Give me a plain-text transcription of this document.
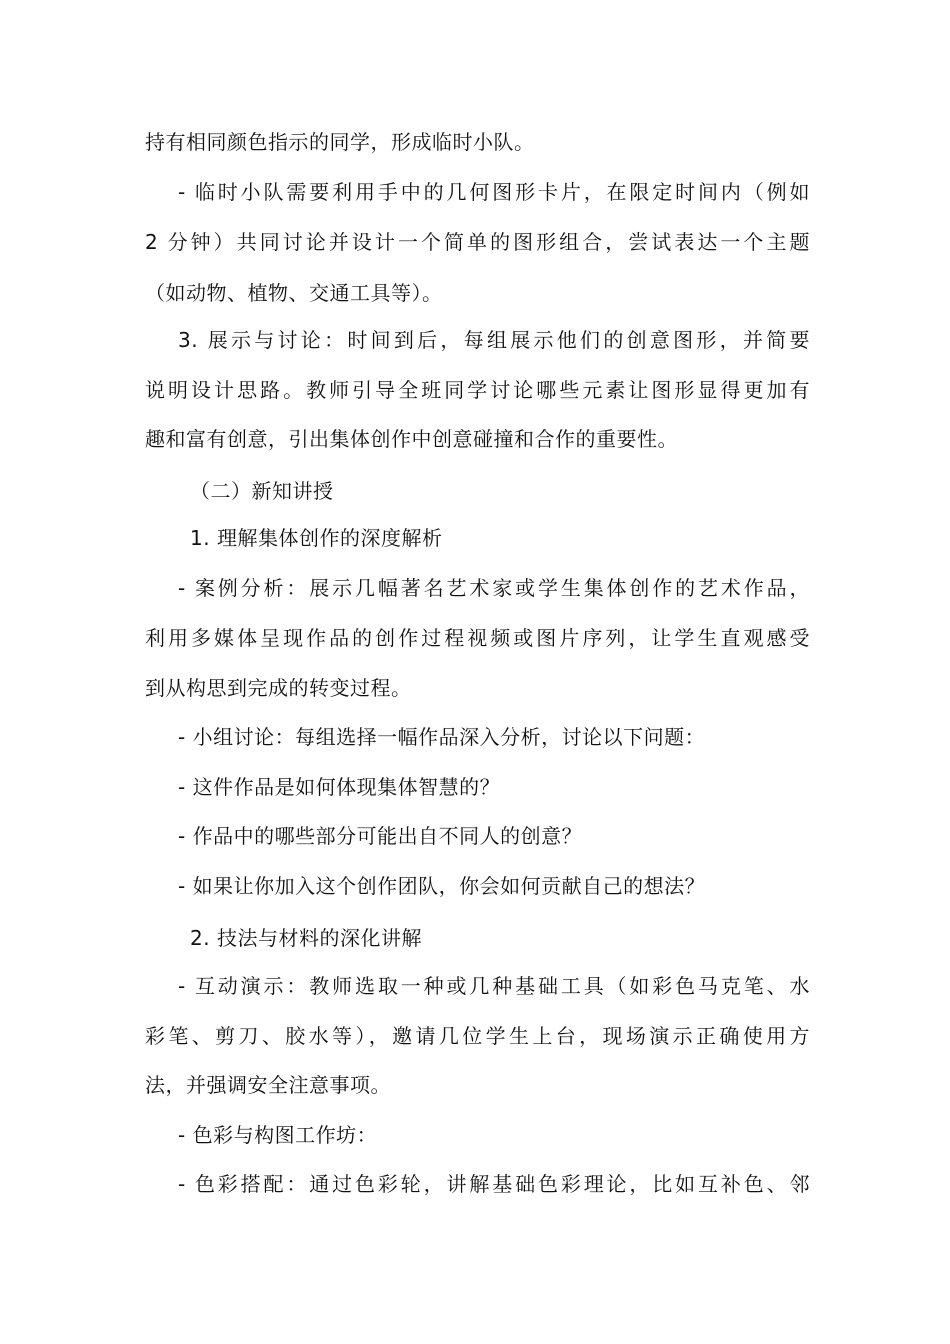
持有相同颜色指示的同学，形成临时小队。
- 临时小队需要利用手中的几何图形卡片，在限定时间内（例如
2 分钟）共同讨论并设计一个简单的图形组合，尝试表达一个主题
（如动物、植物、交通工具等）。
3. 展示与讨论：时间到后，每组展示他们的创意图形，并简要
说明设计思路。教师引导全班同学讨论哪些元素让图形显得更加有
趣和富有创意，引出集体创作中创意碰撞和合作的重要性。
（二）新知讲授
1. 理解集体创作的深度解析
- 案例分析：展示几幅著名艺术家或学生集体创作的艺术作品，
利用多媒体呈现作品的创作过程视频或图片序列，让学生直观感受
到从构思到完成的转变过程。
- 小组讨论：每组选择一幅作品深入分析，讨论以下问题：
- 这件作品是如何体现集体智慧的？
- 作品中的哪些部分可能出自不同人的创意？
- 如果让你加入这个创作团队，你会如何贡献自己的想法？
2. 技法与材料的深化讲解
- 互动演示：教师选取一种或几种基础工具（如彩色马克笔、水
彩笔、剪刀、胶水等），邀请几位学生上台，现场演示正确使用方
法，并强调安全注意事项。
- 色彩与构图工作坊：
- 色彩搭配：通过色彩轮，讲解基础色彩理论，比如互补色、邻
